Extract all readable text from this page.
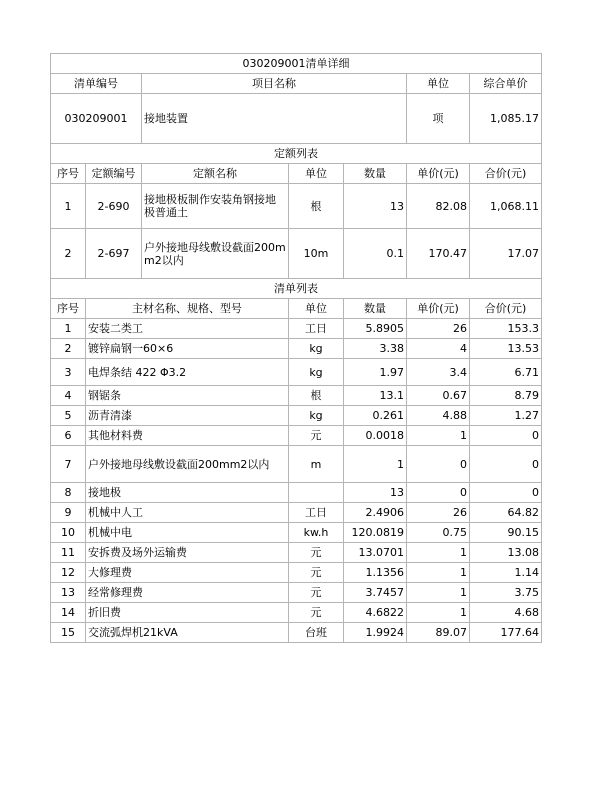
030209001清单详细						
清单编号		项目名称			单位	综合单价
030209001		接地装置			项	1,085.17
定额列表						
序号	定额编号	定额名称	单位	数量	单价(元)	合价(元)
1	2-690	接地极板制作安装角钢接地极普通土	根	13	82.08	1,068.11
2	2-697	户外接地母线敷设截面200mm2以内	10m	0.1	170.47	17.07
清单列表						
序号	主材名称、规格、型号		单位	数量	单价(元)	合价(元)
1	安装二类工		工日	5.8905	26	153.3
2	镀锌扁钢一60×6		kg	3.38	4	13.53
3	电焊条结 422 Φ3.2		kg	1.97	3.4	6.71
4	钢锯条		根	13.1	0.67	8.79
5	沥青清漆		kg	0.261	4.88	1.27
6	其他材料费		元	0.0018	1	0
7	户外接地母线敷设截面200mm2以内		m	1	0	0
8	接地极			13	0	0
9	机械中人工		工日	2.4906	26	64.82
10	机械中电		kw.h	120.0819	0.75	90.15
11	安拆费及场外运输费		元	13.0701	1	13.08
12	大修理费		元	1.1356	1	1.14
13	经常修理费		元	3.7457	1	3.75
14	折旧费		元	4.6822	1	4.68
15	交流弧焊机21kVA		台班	1.9924	89.07	177.64
